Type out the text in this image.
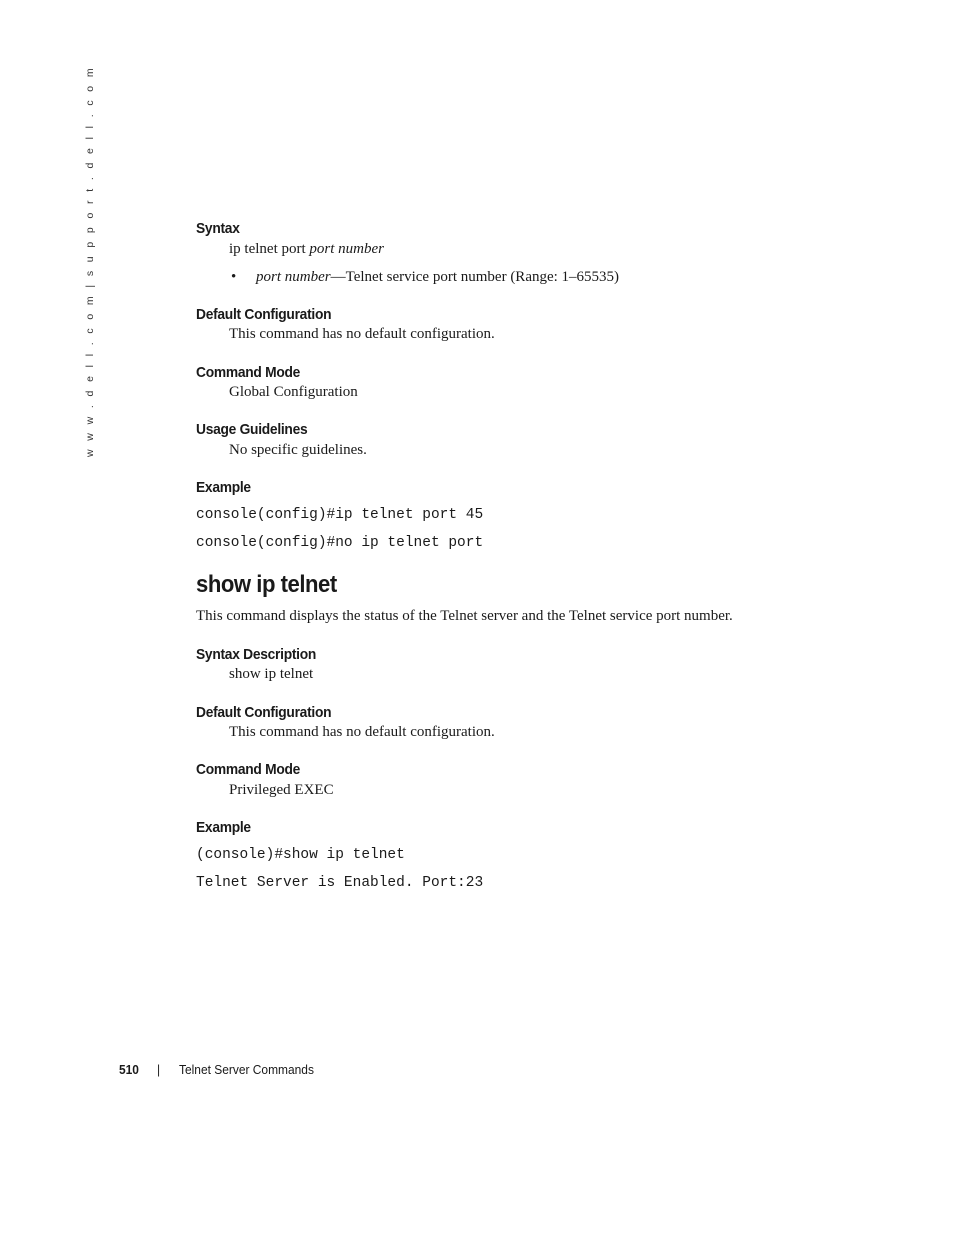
w w w . d e l l . c o m | s u p p o r t . d e l l . c o m	Syntax
ip telnet port port number
• port number—Telnet service port number (Range: 1–65535)
Default Configuration
This command has no default configuration.
Command Mode
Global Configuration
Usage Guidelines
No specific guidelines.
Example
console(config)#ip telnet port 45
console(config)#no ip telnet port
show ip telnet
This command displays the status of the Telnet server and the Telnet service port number.
Syntax Description
show ip telnet
Default Configuration
This command has no default configuration.
Command Mode
Privileged EXEC
Example
(console)#show ip telnet
Telnet Server is Enabled. Port:23
510 | Telnet Server Commands
